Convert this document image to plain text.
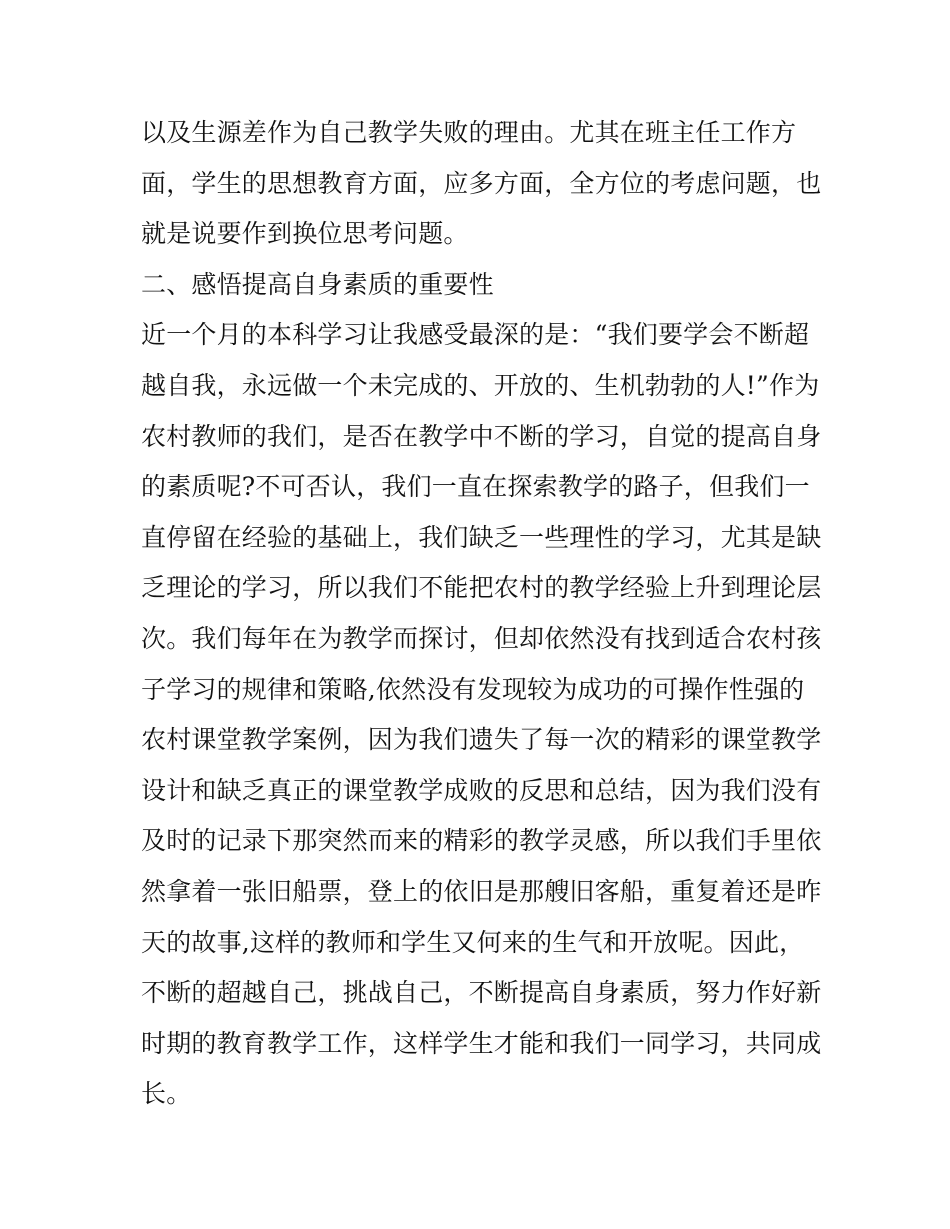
以及生源差作为自己教学失败的理由。尤其在班主任工作方
面，学生的思想教育方面，应多方面，全方位的考虑问题，也
就是说要作到换位思考问题。
二、感悟提高自身素质的重要性
近一个月的本科学习让我感受最深的是：“我们要学会不断超
越自我，永远做一个未完成的、开放的、生机勃勃的人!”作为
农村教师的我们，是否在教学中不断的学习，自觉的提高自身
的素质呢?不可否认，我们一直在探索教学的路子，但我们一
直停留在经验的基础上，我们缺乏一些理性的学习，尤其是缺
乏理论的学习，所以我们不能把农村的教学经验上升到理论层
次。我们每年在为教学而探讨，但却依然没有找到适合农村孩
子学习的规律和策略,依然没有发现较为成功的可操作性强的
农村课堂教学案例，因为我们遗失了每一次的精彩的课堂教学
设计和缺乏真正的课堂教学成败的反思和总结，因为我们没有
及时的记录下那突然而来的精彩的教学灵感，所以我们手里依
然拿着一张旧船票，登上的依旧是那艘旧客船，重复着还是昨
天的故事,这样的教师和学生又何来的生气和开放呢。因此，
不断的超越自己，挑战自己，不断提高自身素质，努力作好新
时期的教育教学工作，这样学生才能和我们一同学习，共同成
长。
